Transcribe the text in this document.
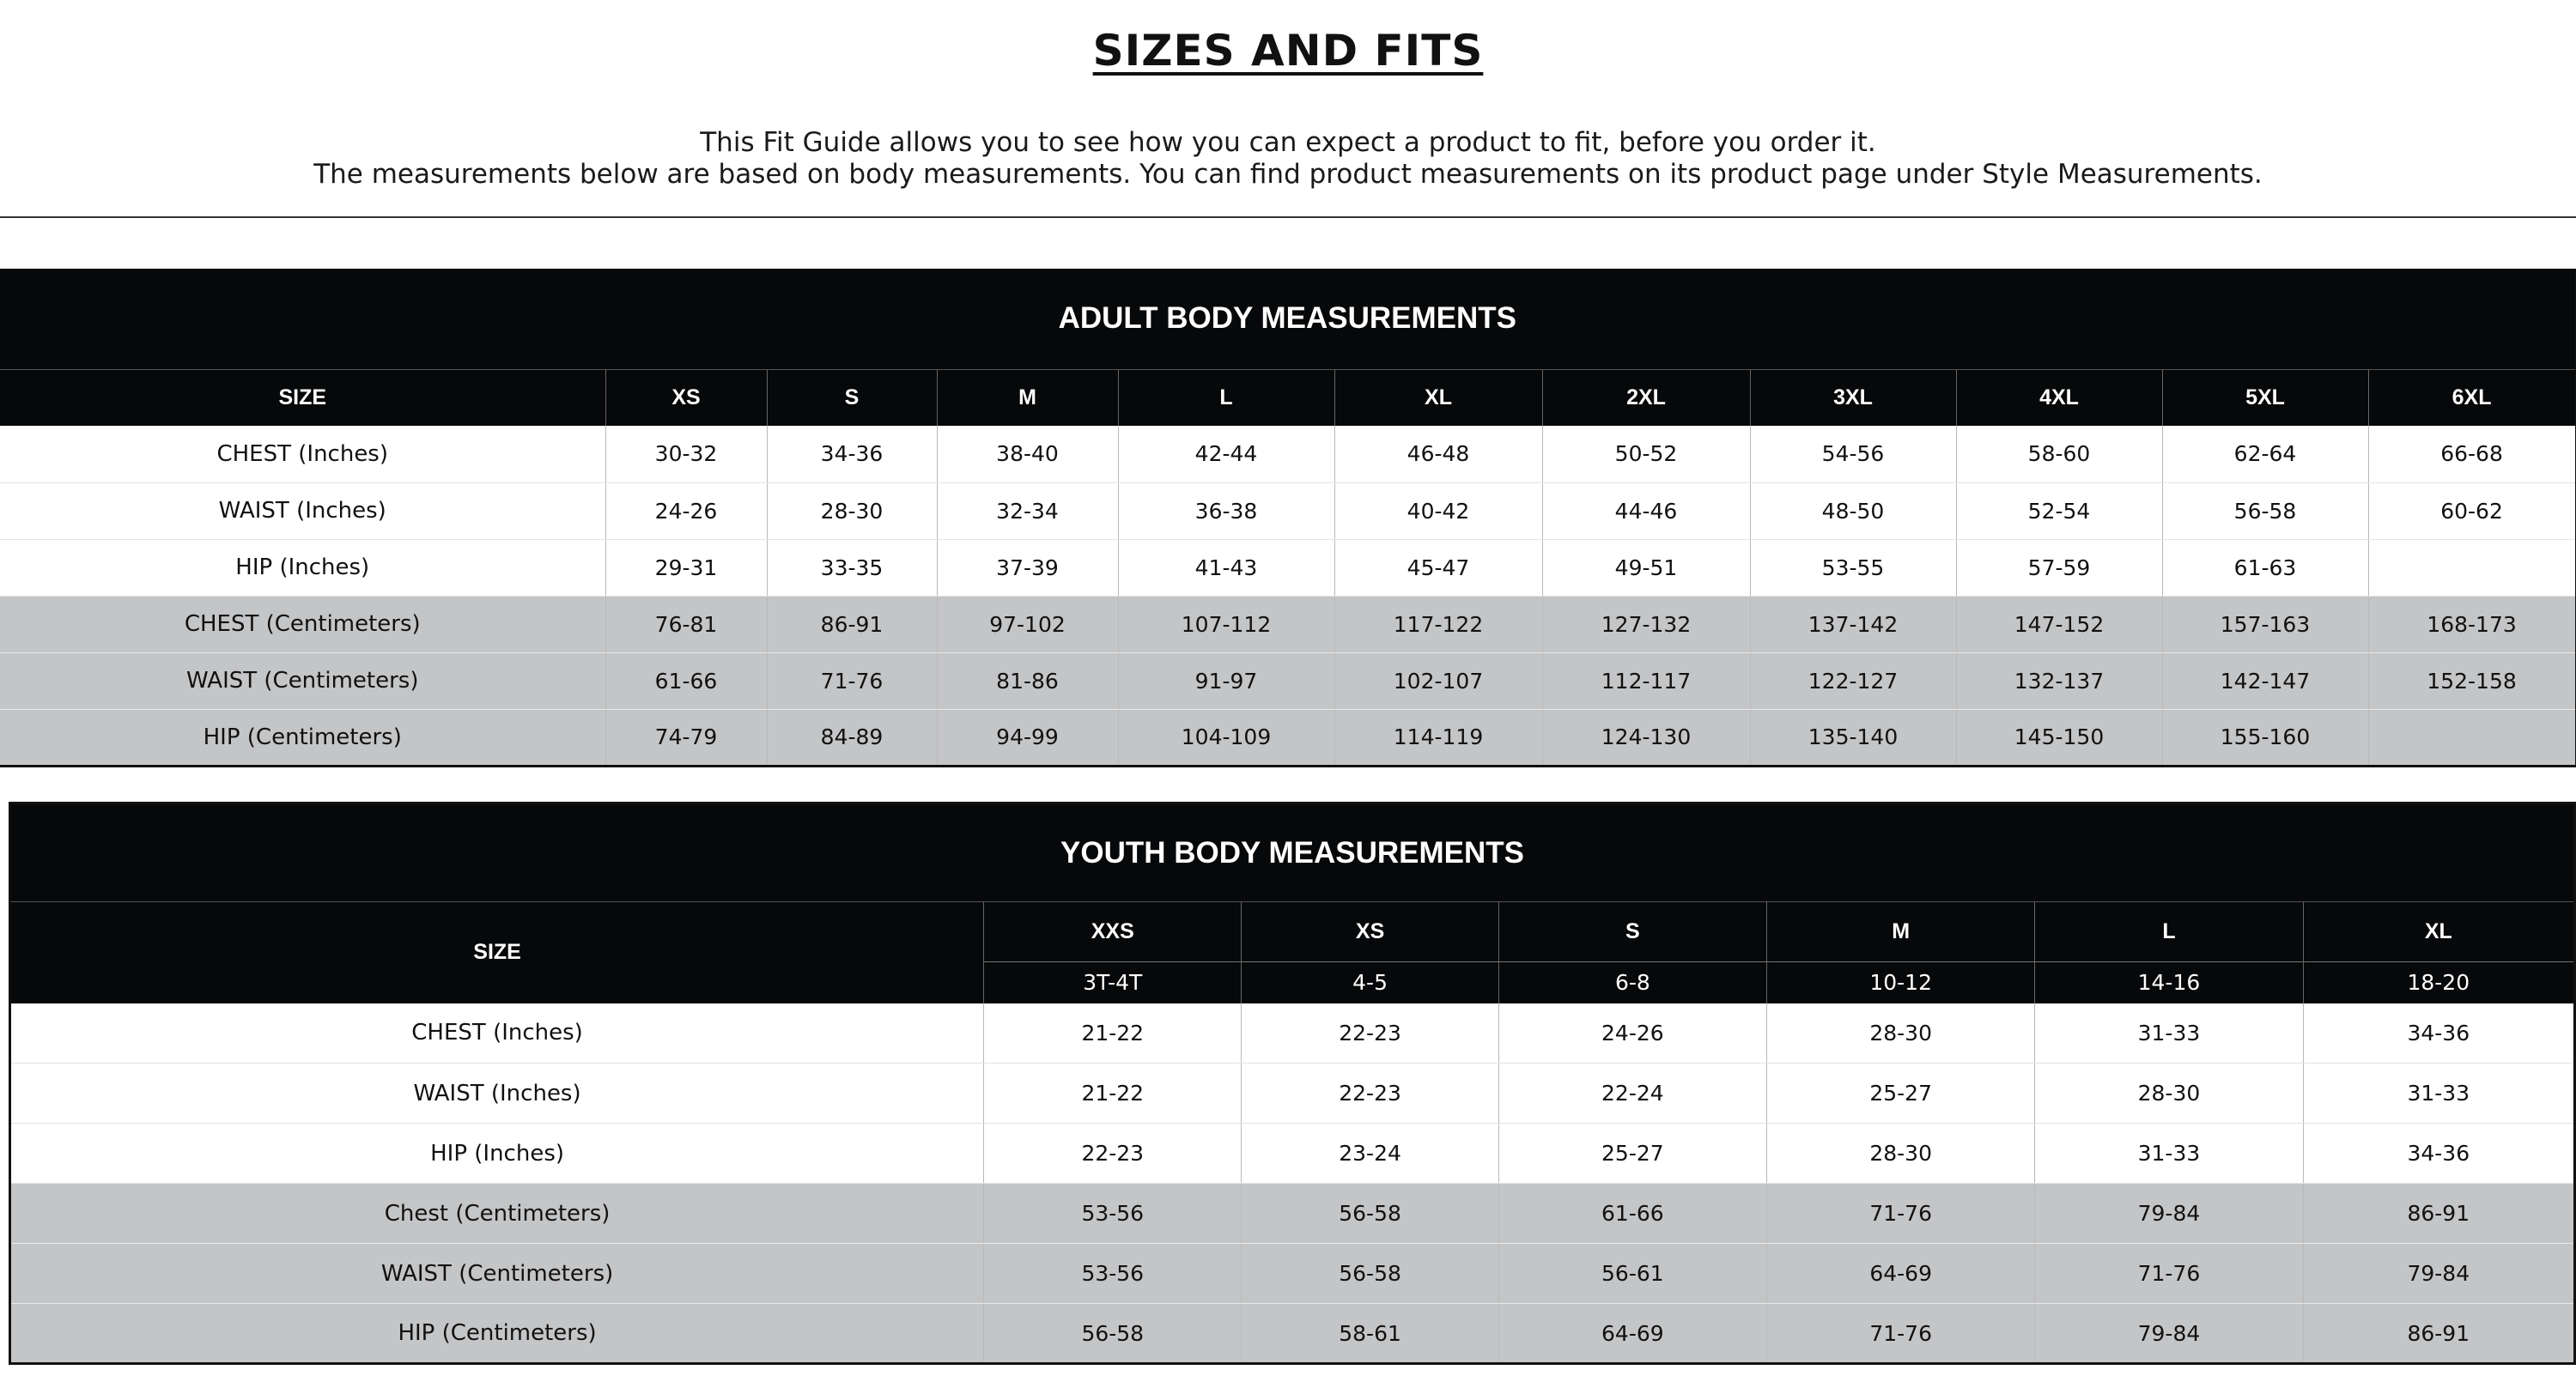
SIZES AND FITS
This Fit Guide allows you to see how you can expect a product to fit, before you order it.
The measurements below are based on body measurements. You can find product measurements on its product page under Style Measurements.
ADULT BODY MEASUREMENTS										
SIZE	XS	S	M	L	XL	2XL	3XL	4XL	5XL	6XL
CHEST (Inches)	30-32	34-36	38-40	42-44	46-48	50-52	54-56	58-60	62-64	66-68
WAIST (Inches)	24-26	28-30	32-34	36-38	40-42	44-46	48-50	52-54	56-58	60-62
HIP (Inches)	29-31	33-35	37-39	41-43	45-47	49-51	53-55	57-59	61-63	
CHEST (Centimeters)	76-81	86-91	97-102	107-112	117-122	127-132	137-142	147-152	157-163	168-173
WAIST (Centimeters)	61-66	71-76	81-86	91-97	102-107	112-117	122-127	132-137	142-147	152-158
HIP (Centimeters)	74-79	84-89	94-99	104-109	114-119	124-130	135-140	145-150	155-160	
YOUTH BODY MEASUREMENTS						
SIZE	XXS	XS	S	M	L	XL
	3T-4T	4-5	6-8	10-12	14-16	18-20
CHEST (Inches)	21-22	22-23	24-26	28-30	31-33	34-36
WAIST (Inches)	21-22	22-23	22-24	25-27	28-30	31-33
HIP (Inches)	22-23	23-24	25-27	28-30	31-33	34-36
Chest (Centimeters)	53-56	56-58	61-66	71-76	79-84	86-91
WAIST (Centimeters)	53-56	56-58	56-61	64-69	71-76	79-84
HIP (Centimeters)	56-58	58-61	64-69	71-76	79-84	86-91
